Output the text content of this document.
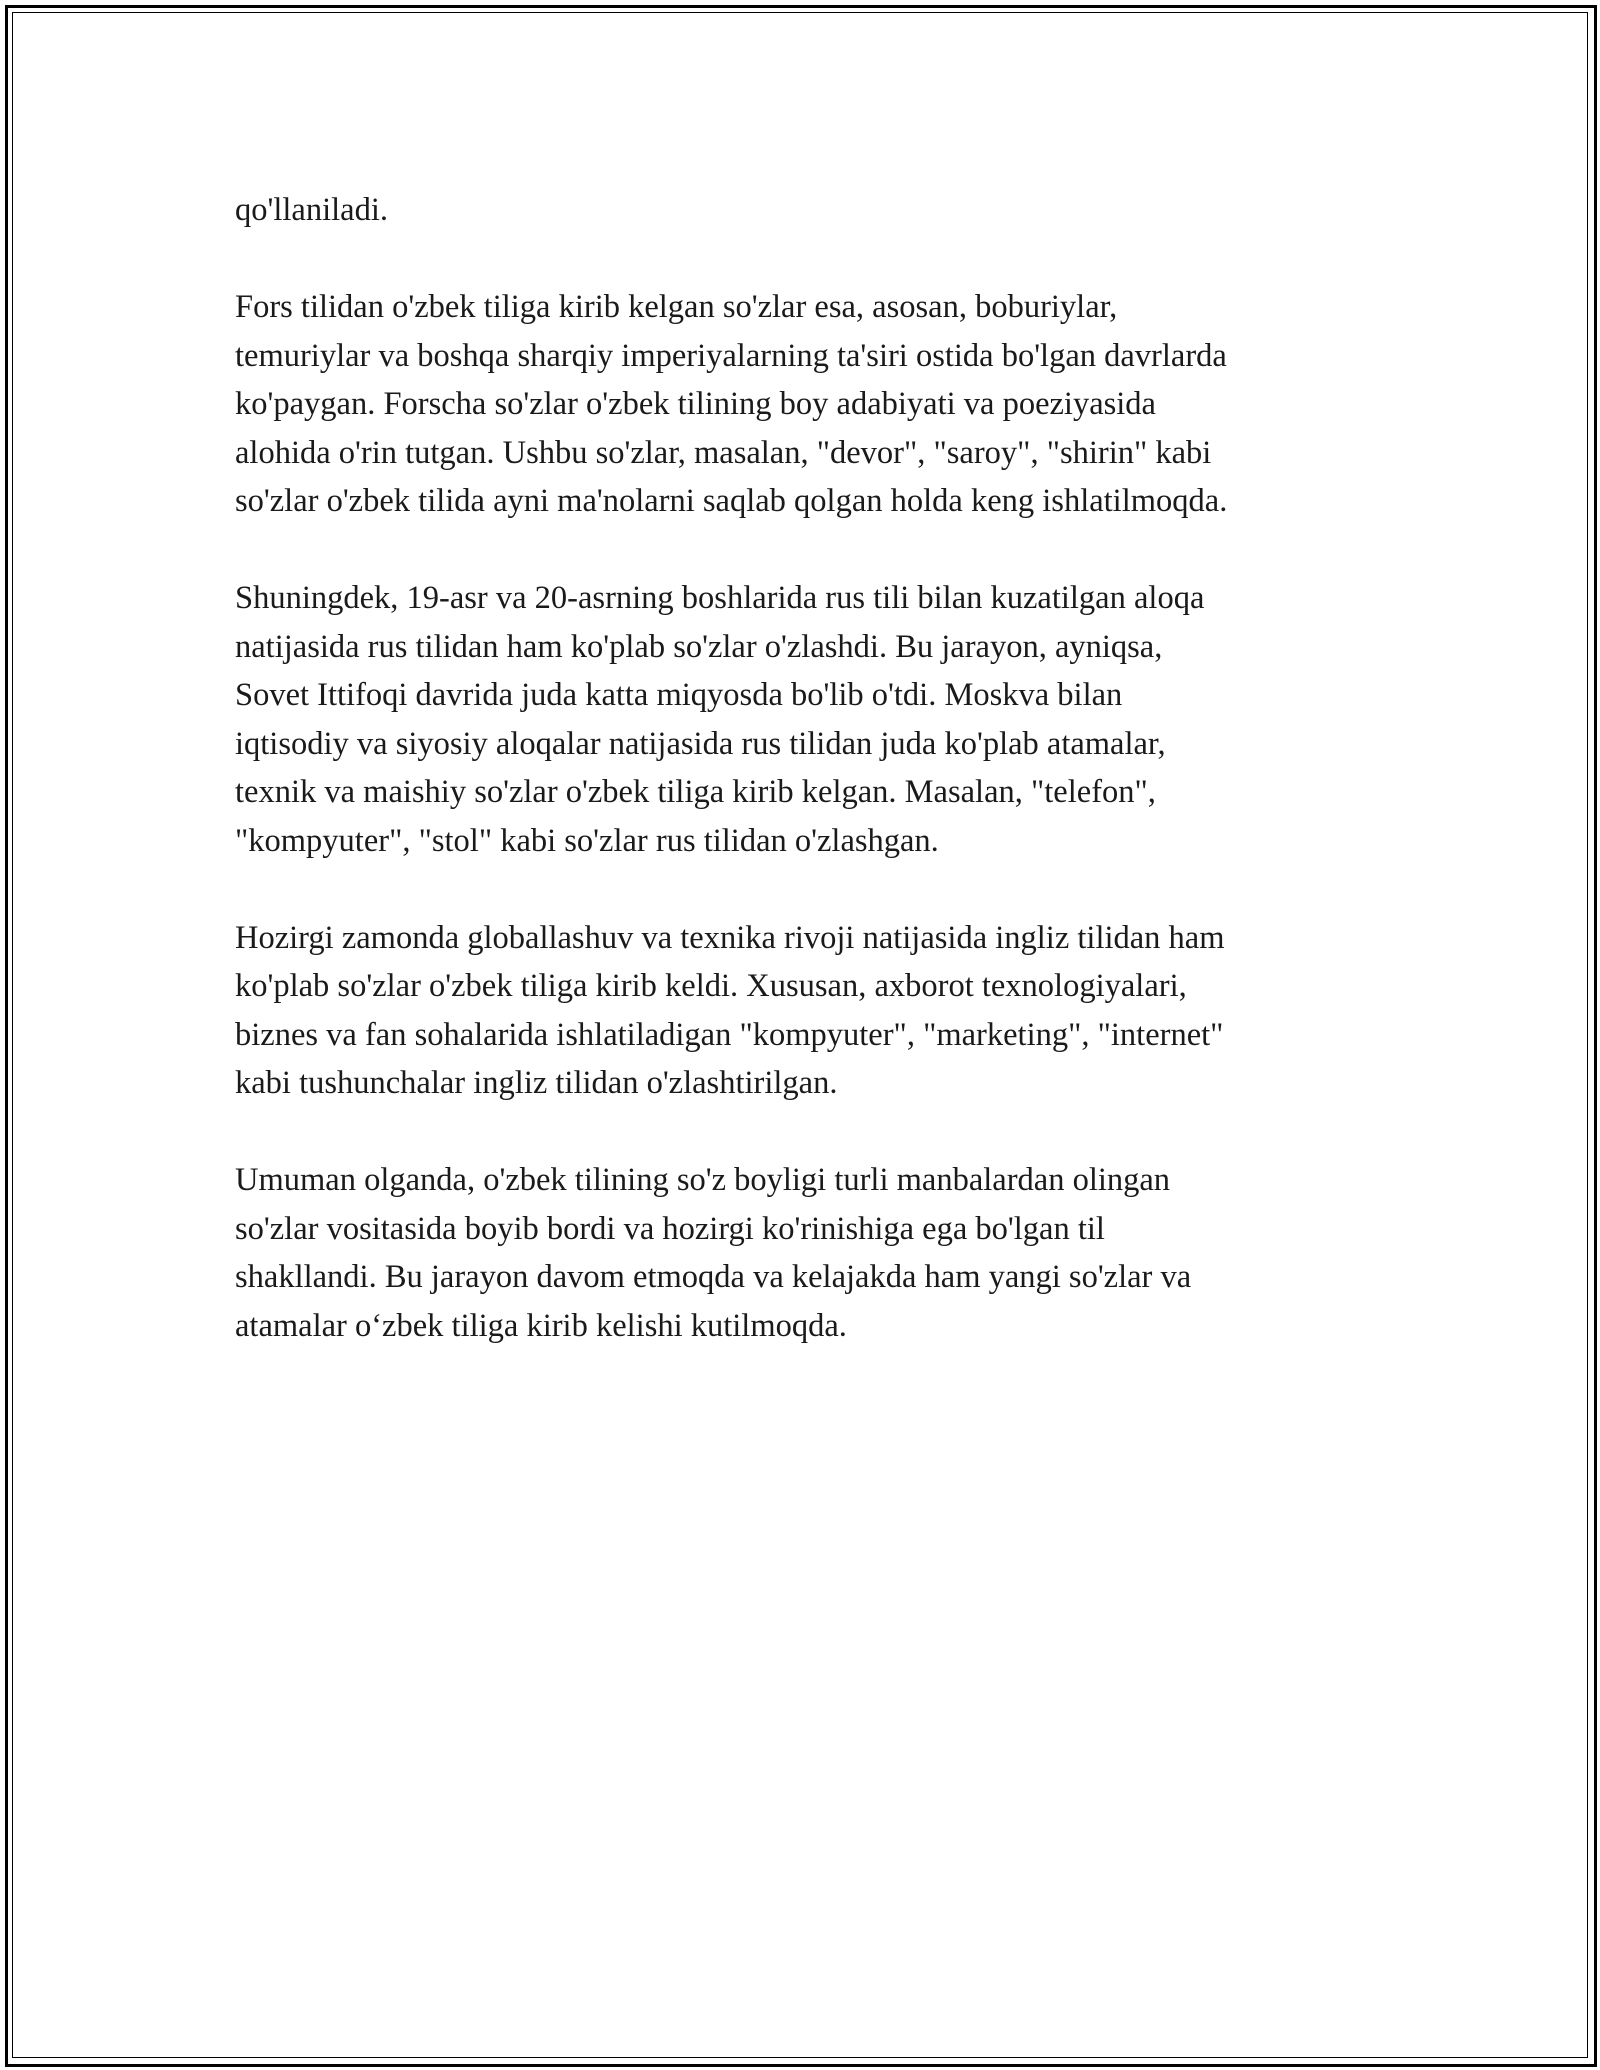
qo'llaniladi.

Fors tilidan o'zbek tiliga kirib kelgan so'zlar esa, asosan, boburiylar,
temuriylar va boshqa sharqiy imperiyalarning ta'siri ostida bo'lgan davrlarda
ko'paygan. Forscha so'zlar o'zbek tilining boy adabiyati va poeziyasida
alohida o'rin tutgan. Ushbu so'zlar, masalan, "devor", "saroy", "shirin" kabi
so'zlar o'zbek tilida ayni ma'nolarni saqlab qolgan holda keng ishlatilmoqda.

Shuningdek, 19-asr va 20-asrning boshlarida rus tili bilan kuzatilgan aloqa
natijasida rus tilidan ham ko'plab so'zlar o'zlashdi. Bu jarayon, ayniqsa,
Sovet Ittifoqi davrida juda katta miqyosda bo'lib o'tdi. Moskva bilan
iqtisodiy va siyosiy aloqalar natijasida rus tilidan juda ko'plab atamalar,
texnik va maishiy so'zlar o'zbek tiliga kirib kelgan. Masalan, "telefon",
"kompyuter", "stol" kabi so'zlar rus tilidan o'zlashgan.

Hozirgi zamonda globallashuv va texnika rivoji natijasida ingliz tilidan ham
ko'plab so'zlar o'zbek tiliga kirib keldi. Xususan, axborot texnologiyalari,
biznes va fan sohalarida ishlatiladigan "kompyuter", "marketing", "internet"
kabi tushunchalar ingliz tilidan o'zlashtirilgan.

Umuman olganda, o'zbek tilining so'z boyligi turli manbalardan olingan
so'zlar vositasida boyib bordi va hozirgi ko'rinishiga ega bo'lgan til
shakllandi. Bu jarayon davom etmoqda va kelajakda ham yangi so'zlar va
atamalar o‘zbek tiliga kirib kelishi kutilmoqda.
